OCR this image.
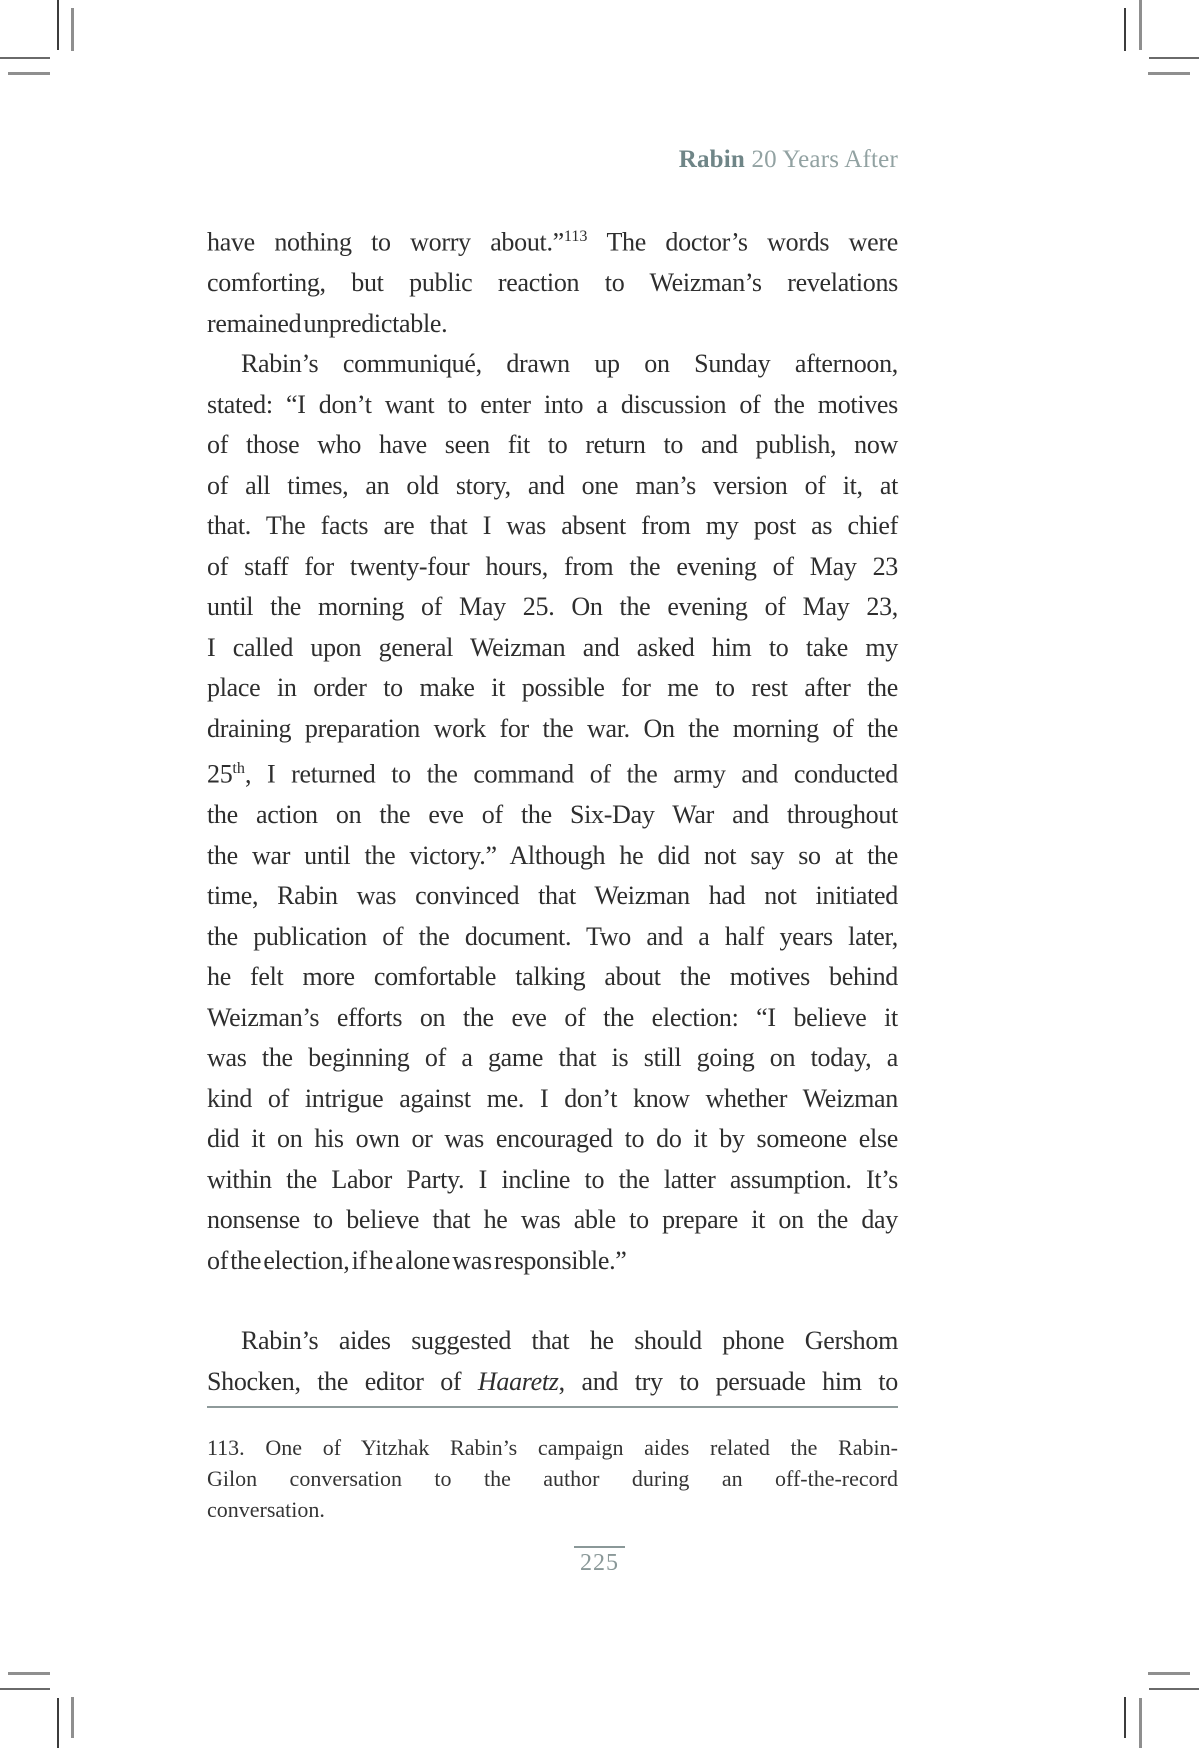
Rabin 20 Years After
have nothing to worry about.”$^{113}$ The doctor’s words were
comforting, but public reaction to Weizman’s revelations
remained unpredictable.
Rabin’s communiqué, drawn up on Sunday afternoon,
stated: “I don’t want to enter into a discussion of the motives
of those who have seen fit to return to and publish, now
of all times, an old story, and one man’s version of it, at
that. The facts are that I was absent from my post as chief
of staff for twenty-four hours, from the evening of May 23
until the morning of May 25. On the evening of May 23,
I called upon general Weizman and asked him to take my
place in order to make it possible for me to rest after the
draining preparation work for the war. On the morning of the
25th, I returned to the command of the army and conducted
the action on the eve of the Six-Day War and throughout
the war until the victory.” Although he did not say so at the
time, Rabin was convinced that Weizman had not initiated
the publication of the document. Two and a half years later,
he felt more comfortable talking about the motives behind
Weizman’s efforts on the eve of the election: “I believe it
was the beginning of a game that is still going on today, a
kind of intrigue against me. I don’t know whether Weizman
did it on his own or was encouraged to do it by someone else
within the Labor Party. I incline to the latter assumption. It’s
nonsense to believe that he was able to prepare it on the day
of the election, if he alone was responsible.”
Rabin’s aides suggested that he should phone Gershom
Shocken, the editor of Haaretz, and try to persuade him to
113. One of Yitzhak Rabin’s campaign aides related the Rabin-
Gilon conversation to the author during an off-the-record
conversation.
225
